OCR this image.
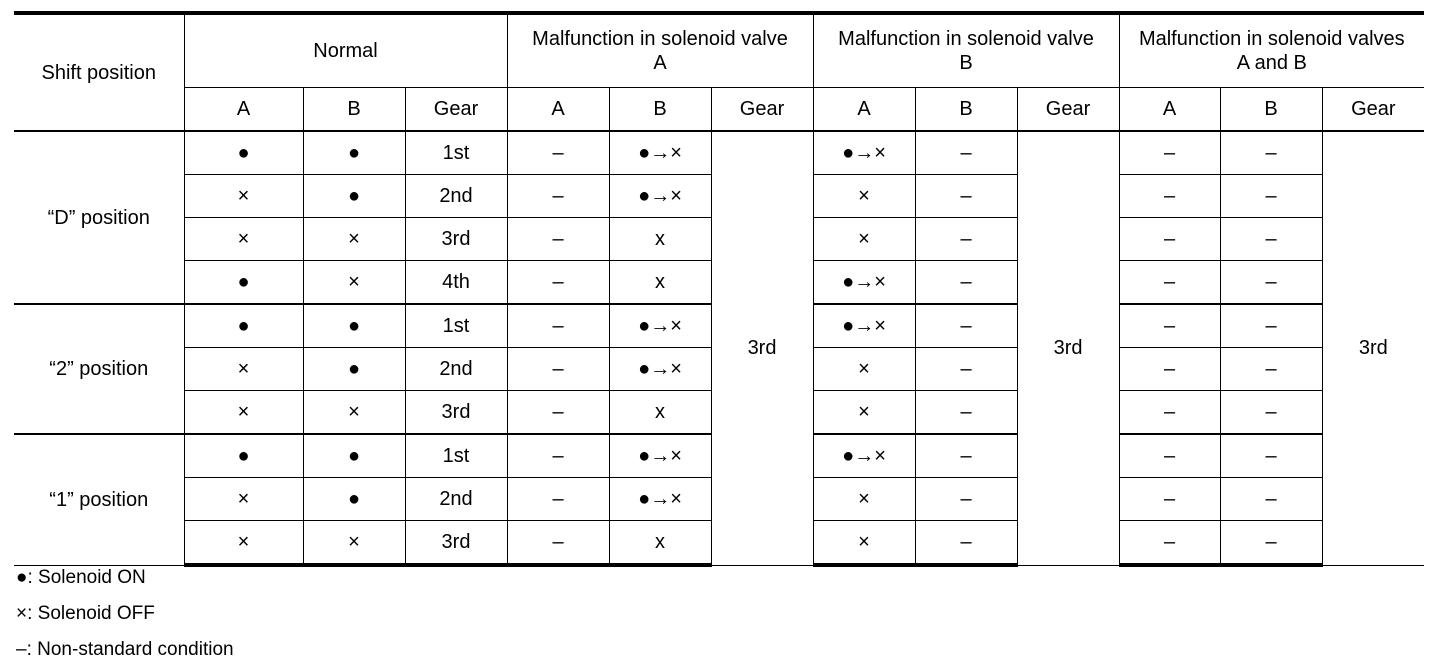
Shift position	Normal			Malfunction in solenoid valve A			Malfunction in solenoid valve B			Malfunction in solenoid valves A and B		
	A	B	Gear	A	B	Gear	A	B	Gear	A	B	Gear
“D” position	●	●	1st	–	●→×	3rd	●→×	–	3rd	–	–	3rd
	×	●	2nd	–	●→×		×	–		–	–	
	×	×	3rd	–	x		×	–		–	–	
	●	×	4th	–	x		●→×	–		–	–	
“2” position	●	●	1st	–	●→×		●→×	–		–	–	
	×	●	2nd	–	●→×		×	–		–	–	
	×	×	3rd	–	x		×	–		–	–	
“1” position	●	●	1st	–	●→×		●→×	–		–	–	
	×	●	2nd	–	●→×		×	–		–	–	
	×	×	3rd	–	x		×	–		–	–	
●: Solenoid ON
×: Solenoid OFF
–: Non-standard condition
